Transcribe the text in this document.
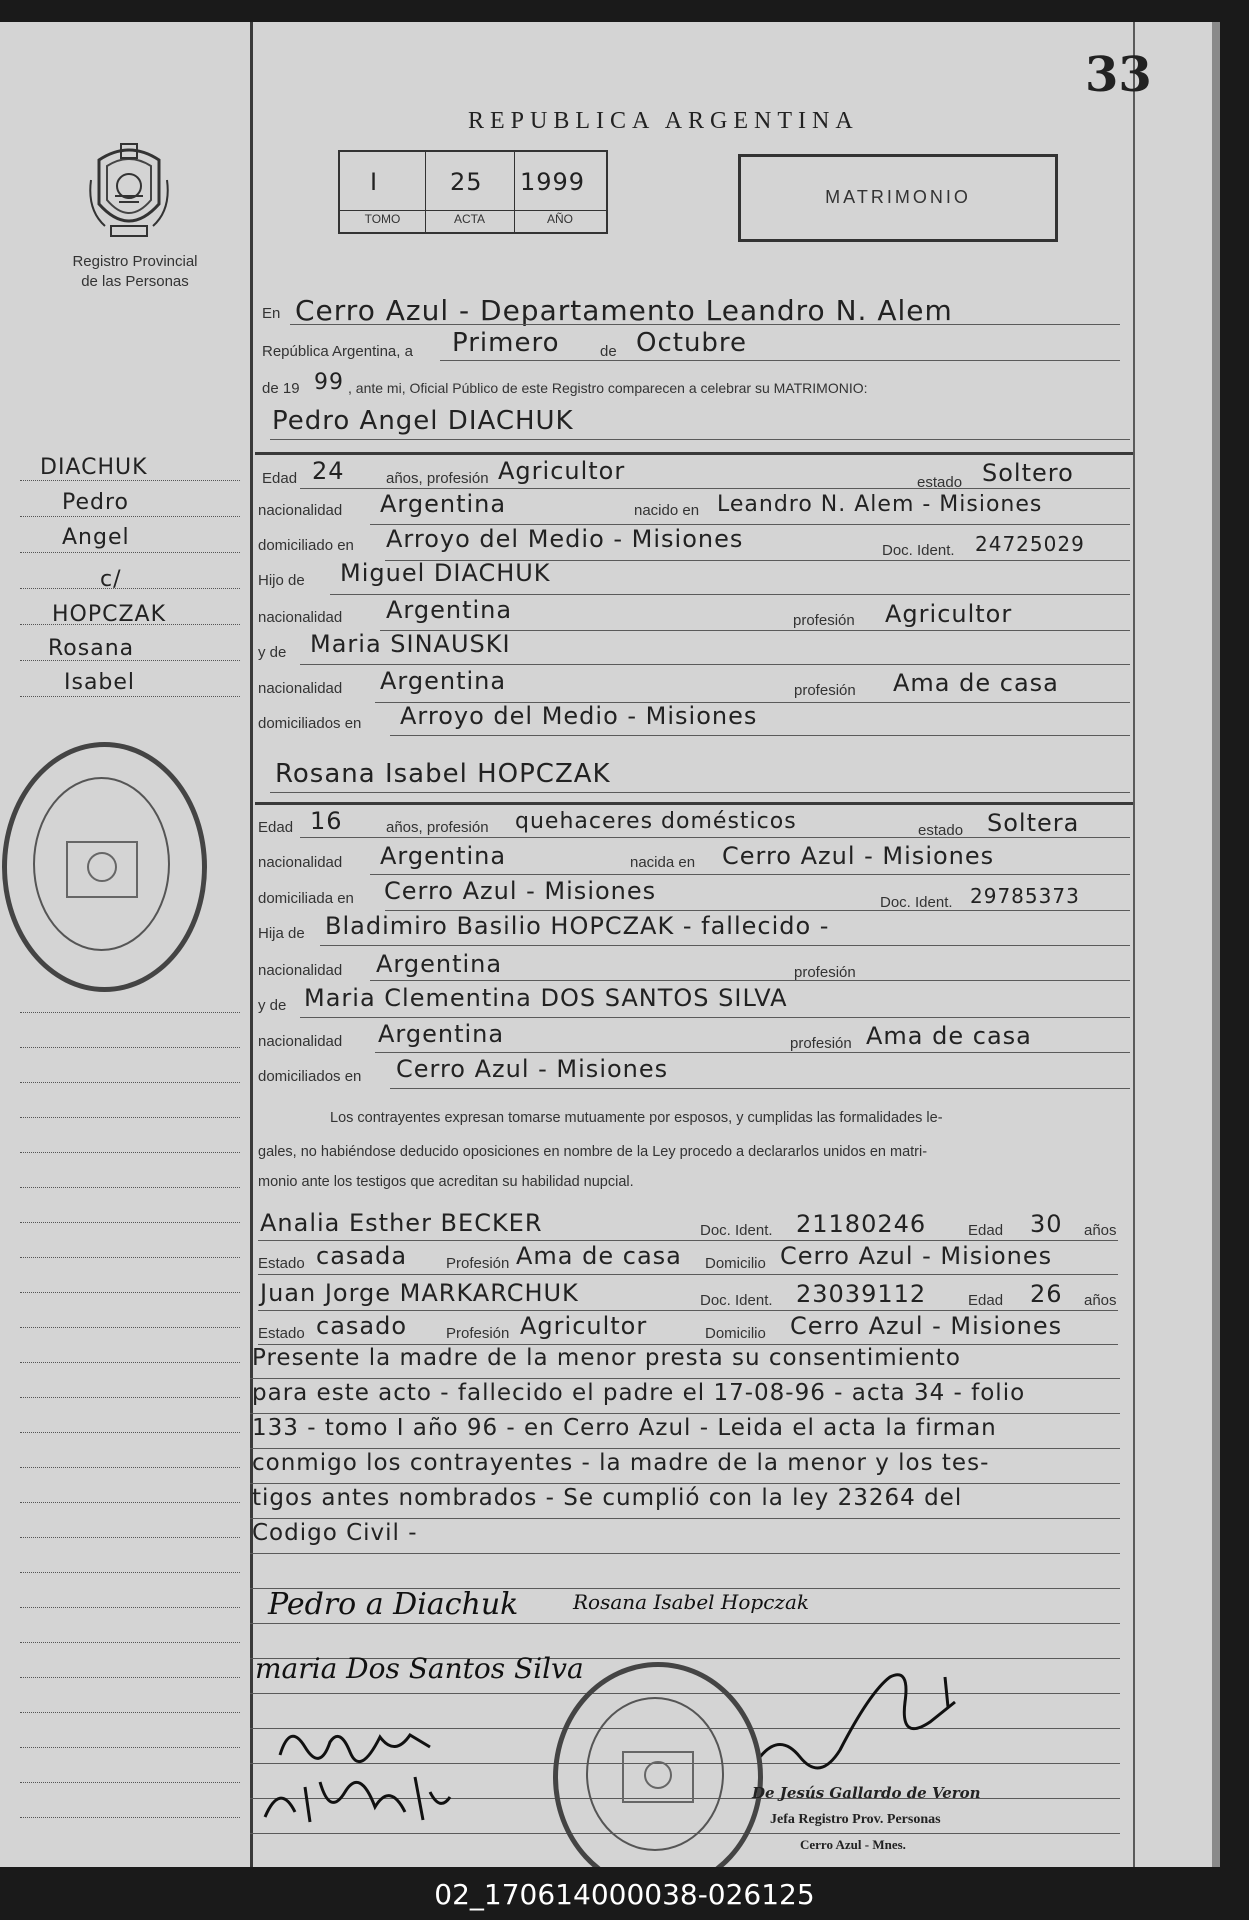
Registro Provincial
de las Personas
DIACHUK
Pedro
Angel
c/
HOPCZAK
Rosana
Isabel
33
REPUBLICA ARGENTINA
I	25 1999
TOMO	ACTA	AÑO
MATRIMONIO
En Cerro Azul - Departamento Leandro N. Alem
República Argentina, a Primero	de Octubre
de 19 99 , ante mi, Oficial Público de este Registro comparecen a celebrar su MATRIMONIO:
Pedro Angel DIACHUK
Edad 24	años, profesión Agricultor	estado Soltero
nacionalidad Argentina	nacido en Leandro N. Alem - Misiones
domiciliado en Arroyo del Medio - Misiones	Doc. Ident. 24725029
Hijo de Miguel DIACHUK
nacionalidad Argentina	profesión Agricultor
y de Maria SINAUSKI
nacionalidad Argentina	profesión Ama de casa
domiciliados en Arroyo del Medio - Misiones
Rosana Isabel HOPCZAK
Edad 16	años, profesión quehaceres domésticos	estado Soltera
nacionalidad Argentina	nacida en Cerro Azul - Misiones
domiciliada en Cerro Azul - Misiones	Doc. Ident. 29785373
Hija de Bladimiro Basilio HOPCZAK - fallecido -
nacionalidad Argentina	profesión
y de Maria Clementina DOS SANTOS SILVA
nacionalidad Argentina	profesión Ama de casa
domiciliados en Cerro Azul - Misiones
Los contrayentes expresan tomarse mutuamente por esposos, y cumplidas las formalidades le-
gales, no habiéndose deducido oposiciones en nombre de la Ley procedo a declararlos unidos en matri-
monio ante los testigos que acreditan su habilidad nupcial.
Analia Esther BECKER	Doc. Ident. 21180246	Edad 30 años
Estado casada	Profesión Ama de casa Domicilio Cerro Azul - Misiones
Juan Jorge MARKARCHUK	Doc. Ident. 23039112	Edad 26 años
Estado casado	Profesión Agricultor	Domicilio Cerro Azul - Misiones
Presente la madre de la menor presta su consentimiento
para este acto - fallecido el padre el 17-08-96 - acta 34 - folio
133 - tomo I año 96 - en Cerro Azul - Leida el acta la firman
conmigo los contrayentes - la madre de la menor y los tes-
tigos antes nombrados - Se cumplió con la ley 23264 del
Codigo Civil -
Pedro a Diachuk	Rosana Isabel Hopczak
maria Dos Santos Silva
De Jesús Gallardo de Veron
Jefa Registro Prov. Personas
Cerro Azul - Mnes.
02_170614000038-026125
